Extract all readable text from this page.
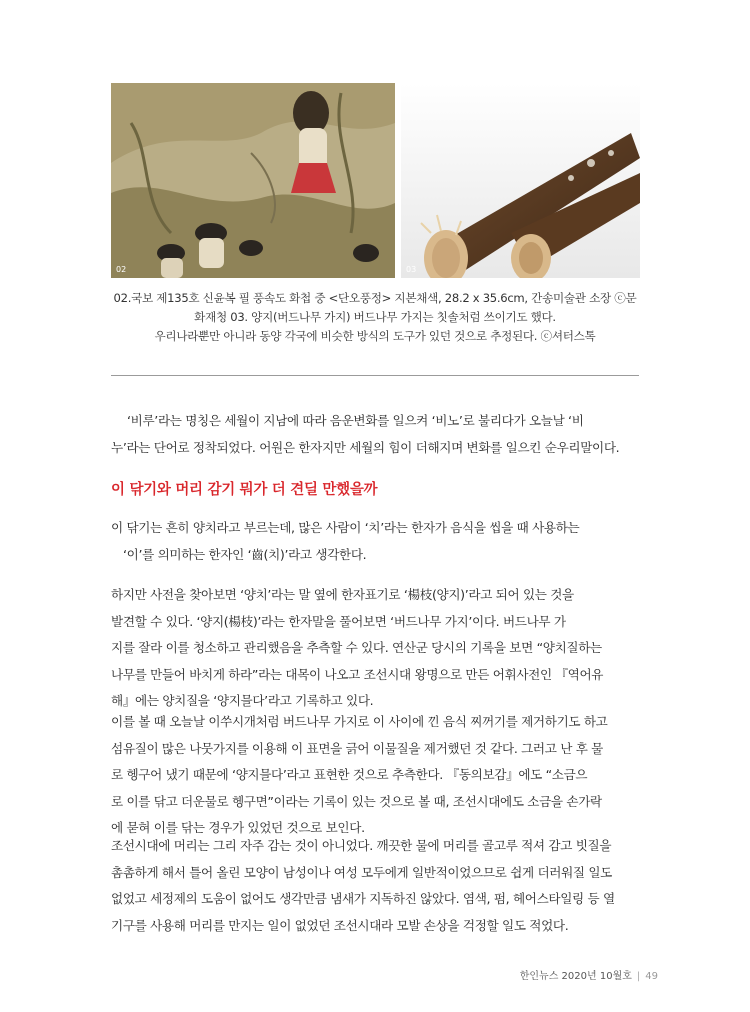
02	03
02.국보 제135호 신윤복 필 풍속도 화첩 중 <단오풍정> 지본채색, 28.2 x 35.6cm, 간송미술관 소장 ⓒ문
화재청 03. 양지(버드나무 가지) 버드나무 가지는 칫솔처럼 쓰이기도 했다.
우리나라뿐만 아니라 동양 각국에 비슷한 방식의 도구가 있던 것으로 추정된다. ⓒ셔터스톡
‘비루’라는 명칭은 세월이 지남에 따라 음운변화를 일으켜 ‘비노’로 불리다가 오늘날 ‘비
누’라는 단어로 정착되었다. 어원은 한자지만 세월의 힘이 더해지며 변화를 일으킨 순우리말이다.
이 닦기와 머리 감기 뭐가 더 견딜 만했을까
이 닦기는 흔히 양치라고 부르는데, 많은 사람이 ‘치’라는 한자가 음식을 씹을 때 사용하는
‘이’를 의미하는 한자인 ‘齒(치)’라고 생각한다.
하지만 사전을 찾아보면 ‘양치’라는 말 옆에 한자표기로 ‘楊枝(양지)’라고 되어 있는 것을
발견할 수 있다. ‘양지(楊枝)’라는 한자말을 풀어보면 ‘버드나무 가지’이다. 버드나무 가
지를 잘라 이를 청소하고 관리했음을 추측할 수 있다. 연산군 당시의 기록을 보면 “양치질하는
나무를 만들어 바치게 하라”라는 대목이 나오고 조선시대 왕명으로 만든 어휘사전인 『역어유
해』에는 양치질을 ‘양지믈다’라고 기록하고 있다.
이를 볼 때 오늘날 이쑤시개처럼 버드나무 가지로 이 사이에 낀 음식 찌꺼기를 제거하기도 하고
섬유질이 많은 나뭇가지를 이용해 이 표면을 긁어 이물질을 제거했던 것 같다. 그러고 난 후 물
로 헹구어 냈기 때문에 ‘양지믈다’라고 표현한 것으로 추측한다. 『동의보감』에도 “소금으
로 이를 닦고 더운물로 헹구면”이라는 기록이 있는 것으로 볼 때, 조선시대에도 소금을 손가락
에 묻혀 이를 닦는 경우가 있었던 것으로 보인다.
조선시대에 머리는 그리 자주 감는 것이 아니었다. 깨끗한 물에 머리를 골고루 적셔 감고 빗질을
촘촘하게 해서 틀어 올린 모양이 남성이나 여성 모두에게 일반적이었으므로 쉽게 더러워질 일도
없었고 세정제의 도움이 없어도 생각만큼 냄새가 지독하진 않았다. 염색, 펌, 헤어스타일링 등 열
기구를 사용해 머리를 만지는 일이 없었던 조선시대라 모발 손상을 걱정할 일도 적었다.
한인뉴스 2020년 10월호 | 49
